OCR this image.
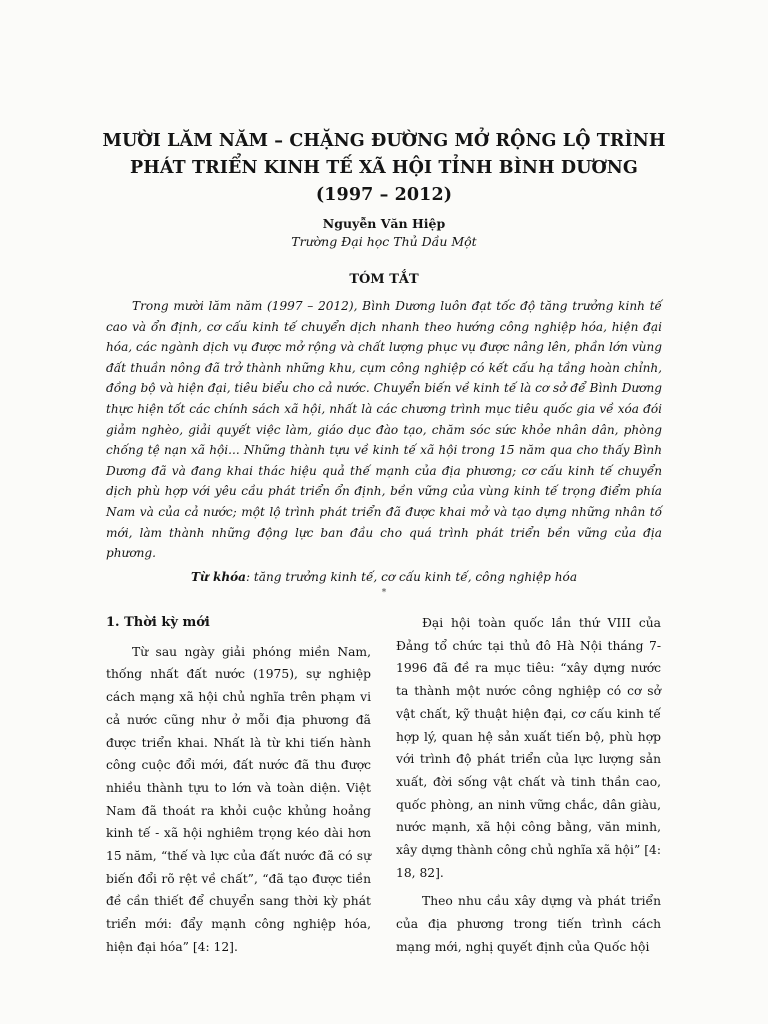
MƯỜI LĂM NĂM – CHẶNG ĐƯỜNG MỞ RỘNG LỘ TRÌNH
PHÁT TRIỂN KINH TẾ XÃ HỘI TỈNH BÌNH DƯƠNG
(1997 – 2012)
Nguyễn Văn Hiệp
Trường Đại học Thủ Dầu Một
TÓM TẮT
Trong mười lăm năm (1997 – 2012), Bình Dương luôn đạt tốc độ tăng trưởng kinh tế cao và ổn định, cơ cấu kinh tế chuyển dịch nhanh theo hướng công nghiệp hóa, hiện đại hóa, các ngành dịch vụ được mở rộng và chất lượng phục vụ được nâng lên, phần lớn vùng đất thuần nông đã trở thành những khu, cụm công nghiệp có kết cấu hạ tầng hoàn chỉnh, đồng bộ và hiện đại, tiêu biểu cho cả nước. Chuyển biến về kinh tế là cơ sở để Bình Dương thực hiện tốt các chính sách xã hội, nhất là các chương trình mục tiêu quốc gia về xóa đói giảm nghèo, giải quyết việc làm, giáo dục đào tạo, chăm sóc sức khỏe nhân dân, phòng chống tệ nạn xã hội... Những thành tựu về kinh tế xã hội trong 15 năm qua cho thấy Bình Dương đã và đang khai thác hiệu quả thế mạnh của địa phương; cơ cấu kinh tế chuyển dịch phù hợp với yêu cầu phát triển ổn định, bền vững của vùng kinh tế trọng điểm phía Nam và của cả nước; một lộ trình phát triển đã được khai mở và tạo dựng những nhân tố mới, làm thành những động lực ban đầu cho quá trình phát triển bền vững của địa phương.
Từ khóa: tăng trưởng kinh tế, cơ cấu kinh tế, công nghiệp hóa
*
1. Thời kỳ mới

Từ sau ngày giải phóng miền Nam, thống nhất đất nước (1975), sự nghiệp cách mạng xã hội chủ nghĩa trên phạm vi cả nước cũng như ở mỗi địa phương đã được triển khai. Nhất là từ khi tiến hành công cuộc đổi mới, đất nước đã thu được nhiều thành tựu to lớn và toàn diện. Việt Nam đã thoát ra khỏi cuộc khủng hoảng kinh tế - xã hội nghiêm trọng kéo dài hơn 15 năm, “thế và lực của đất nước đã có sự biến đổi rõ rệt về chất”, “đã tạo được tiền đề cần thiết để chuyển sang thời kỳ phát triển mới: đẩy mạnh công nghiệp hóa, hiện đại hóa” [4: 12].

Đại hội toàn quốc lần thứ VIII của Đảng tổ chức tại thủ đô Hà Nội tháng 7-1996 đã đề ra mục tiêu: “xây dựng nước ta thành một nước công nghiệp có cơ sở vật chất, kỹ thuật hiện đại, cơ cấu kinh tế hợp lý, quan hệ sản xuất tiến bộ, phù hợp với trình độ phát triển của lực lượng sản xuất, đời sống vật chất và tinh thần cao, quốc phòng, an ninh vững chắc, dân giàu, nước mạnh, xã hội công bằng, văn minh, xây dựng thành công chủ nghĩa xã hội” [4: 18, 82].

Theo nhu cầu xây dựng và phát triển của địa phương trong tiến trình cách mạng mới, nghị quyết định của Quốc hội
